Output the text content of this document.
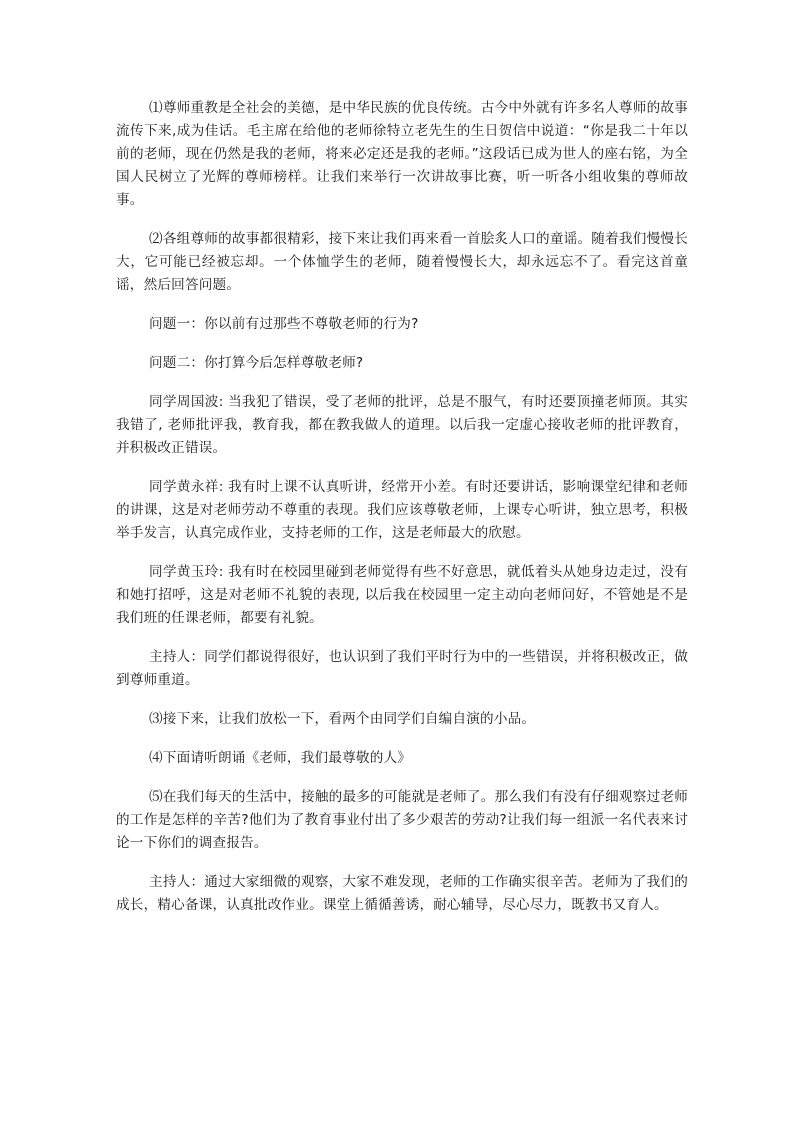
⑴尊师重教是全社会的美德，是中华民族的优良传统。古今中外就有许多名人尊师的故事流传下来,成为佳话。毛主席在给他的老师徐特立老先生的生日贺信中说道：“你是我二十年以前的老师，现在仍然是我的老师，将来必定还是我的老师。”这段话已成为世人的座右铭，为全国人民树立了光辉的尊师榜样。让我们来举行一次讲故事比赛，听一听各小组收集的尊师故事。

⑵各组尊师的故事都很精彩，接下来让我们再来看一首脍炙人口的童谣。随着我们慢慢长大，它可能已经被忘却。一个体恤学生的老师，随着慢慢长大，却永远忘不了。看完这首童谣，然后回答问题。

问题一：你以前有过那些不尊敬老师的行为?

问题二：你打算今后怎样尊敬老师?

同学周国波: 当我犯了错误，受了老师的批评，总是不服气，有时还要顶撞老师顶。其实我错了, 老师批评我，教育我，都在教我做人的道理。以后我一定虚心接收老师的批评教育，并积极改正错误。

同学黄永祥: 我有时上课不认真听讲，经常开小差。有时还要讲话，影响课堂纪律和老师的讲课，这是对老师劳动不尊重的表现。我们应该尊敬老师，上课专心听讲，独立思考，积极举手发言，认真完成作业，支持老师的工作，这是老师最大的欣慰。

同学黄玉玲: 我有时在校园里碰到老师觉得有些不好意思，就低着头从她身边走过，没有和她打招呼，这是对老师不礼貌的表现, 以后我在校园里一定主动向老师问好，不管她是不是我们班的任课老师，都要有礼貌。

主持人：同学们都说得很好，也认识到了我们平时行为中的一些错误，并将积极改正，做到尊师重道。

⑶接下来，让我们放松一下，看两个由同学们自编自演的小品。

⑷下面请听朗诵《老师，我们最尊敬的人》

⑸在我们每天的生活中，接触的最多的可能就是老师了。那么我们有没有仔细观察过老师的工作是怎样的辛苦?他们为了教育事业付出了多少艰苦的劳动?让我们每一组派一名代表来讨论一下你们的调查报告。

主持人：通过大家细微的观察，大家不难发现，老师的工作确实很辛苦。老师为了我们的成长，精心备课，认真批改作业。课堂上循循善诱，耐心辅导，尽心尽力，既教书又育人。
